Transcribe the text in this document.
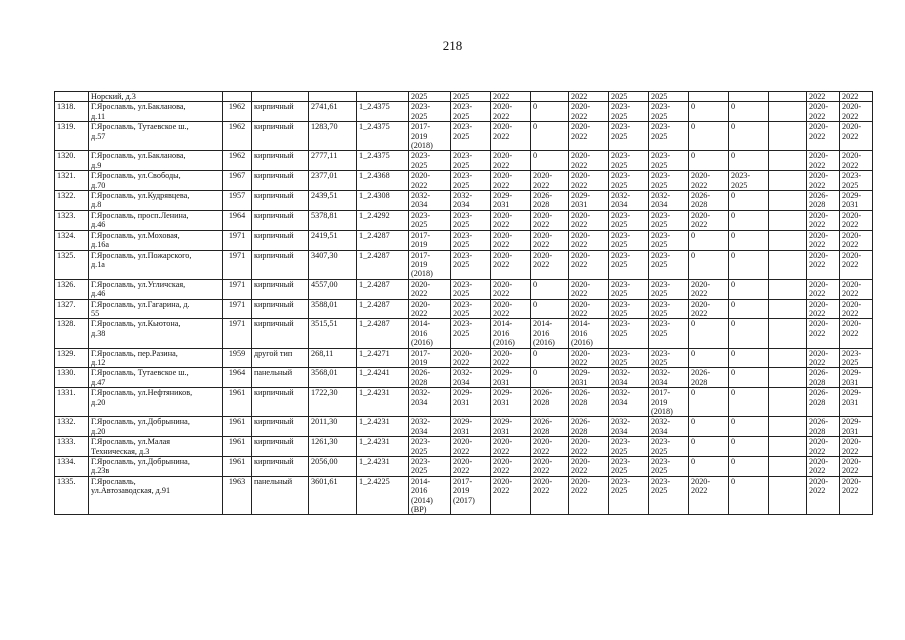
218
	Норский, д.3					2025	2025	2022		2022	2025	2025				2022	2022
1318.	Г.Ярославль, ул.Бакланова,
д.11	1962	кирпичный	2741,61	1_2.4375	2023-
2025	2023-
2025	2020-
2022	0	2020-
2022	2023-
2025	2023-
2025	0	0		2020-
2022	2020-
2022
1319.	Г.Ярославль, Тутаевское ш.,
д.57	1962	кирпичный	1283,70	1_2.4375	2017-
2019
(2018)	2023-
2025	2020-
2022	0	2020-
2022	2023-
2025	2023-
2025	0	0		2020-
2022	2020-
2022
1320.	Г.Ярославль, ул.Бакланова,
д.9	1962	кирпичный	2777,11	1_2.4375	2023-
2025	2023-
2025	2020-
2022	0	2020-
2022	2023-
2025	2023-
2025	0	0		2020-
2022	2020-
2022
1321.	Г.Ярославль, ул.Свободы,
д.70	1967	кирпичный	2377,01	1_2.4368	2020-
2022	2023-
2025	2020-
2022	2020-
2022	2020-
2022	2023-
2025	2023-
2025	2020-
2022	2023-
2025		2020-
2022	2023-
2025
1322.	Г.Ярославль, ул.Кудрявцева,
д.8	1957	кирпичный	2439,51	1_2.4308	2032-
2034	2032-
2034	2029-
2031	2026-
2028	2029-
2031	2032-
2034	2032-
2034	2026-
2028	0		2026-
2028	2029-
2031
1323.	Г.Ярославль, просп.Ленина,
д.46	1964	кирпичный	5378,81	1_2.4292	2023-
2025	2023-
2025	2020-
2022	2020-
2022	2020-
2022	2023-
2025	2023-
2025	2020-
2022	0		2020-
2022	2020-
2022
1324.	Г.Ярославль, ул.Моховая,
д.16а	1971	кирпичный	2419,51	1_2.4287	2017-
2019	2023-
2025	2020-
2022	2020-
2022	2020-
2022	2023-
2025	2023-
2025	0	0		2020-
2022	2020-
2022
1325.	Г.Ярославль, ул.Пожарского,
д.1а	1971	кирпичный	3407,30	1_2.4287	2017-
2019
(2018)	2023-
2025	2020-
2022	2020-
2022	2020-
2022	2023-
2025	2023-
2025	0	0		2020-
2022	2020-
2022
1326.	Г.Ярославль, ул.Угличская,
д.46	1971	кирпичный	4557,00	1_2.4287	2020-
2022	2023-
2025	2020-
2022	0	2020-
2022	2023-
2025	2023-
2025	2020-
2022	0		2020-
2022	2020-
2022
1327.	Г.Ярославль, ул.Гагарина, д.
55	1971	кирпичный	3588,01	1_2.4287	2020-
2022	2023-
2025	2020-
2022	0	2020-
2022	2023-
2025	2023-
2025	2020-
2022	0		2020-
2022	2020-
2022
1328.	Г.Ярославль, ул.Кьютона,
д.38	1971	кирпичный	3515,51	1_2.4287	2014-
2016
(2016)	2023-
2025	2014-
2016
(2016)	2014-
2016
(2016)	2014-
2016
(2016)	2023-
2025	2023-
2025	0	0		2020-
2022	2020-
2022
1329.	Г.Ярославль, пер.Разина,
д.12	1959	другой тип	268,11	1_2.4271	2017-
2019	2020-
2022	2020-
2022	0	2020-
2022	2023-
2025	2023-
2025	0	0		2020-
2022	2023-
2025
1330.	Г.Ярославль, Тутаевское ш.,
д.47	1964	панельный	3568,01	1_2.4241	2026-
2028	2032-
2034	2029-
2031	0	2029-
2031	2032-
2034	2032-
2034	2026-
2028	0		2026-
2028	2029-
2031
1331.	Г.Ярославль, ул.Нефтяников,
д.20	1961	кирпичный	1722,30	1_2.4231	2032-
2034	2029-
2031	2029-
2031	2026-
2028	2026-
2028	2032-
2034	2017-
2019
(2018)	0	0		2026-
2028	2029-
2031
1332.	Г.Ярославль, ул.Добрынина,
д.20	1961	кирпичный	2011,30	1_2.4231	2032-
2034	2029-
2031	2029-
2031	2026-
2028	2026-
2028	2032-
2034	2032-
2034	0	0		2026-
2028	2029-
2031
1333.	Г.Ярославль, ул.Малая
Техническая, д.3	1961	кирпичный	1261,30	1_2.4231	2023-
2025	2020-
2022	2020-
2022	2020-
2022	2020-
2022	2023-
2025	2023-
2025	0	0		2020-
2022	2020-
2022
1334.	Г.Ярославль, ул.Добрынина,
д.23в	1961	кирпичный	2056,00	1_2.4231	2023-
2025	2020-
2022	2020-
2022	2020-
2022	2020-
2022	2023-
2025	2023-
2025	0	0		2020-
2022	2020-
2022
1335.	Г.Ярославль,
ул.Автозаводская, д.91	1963	панельный	3601,61	1_2.4225	2014-
2016
(2014)
(ВР)	2017-
2019
(2017)	2020-
2022	2020-
2022	2020-
2022	2023-
2025	2023-
2025	2020-
2022	0		2020-
2022	2020-
2022
